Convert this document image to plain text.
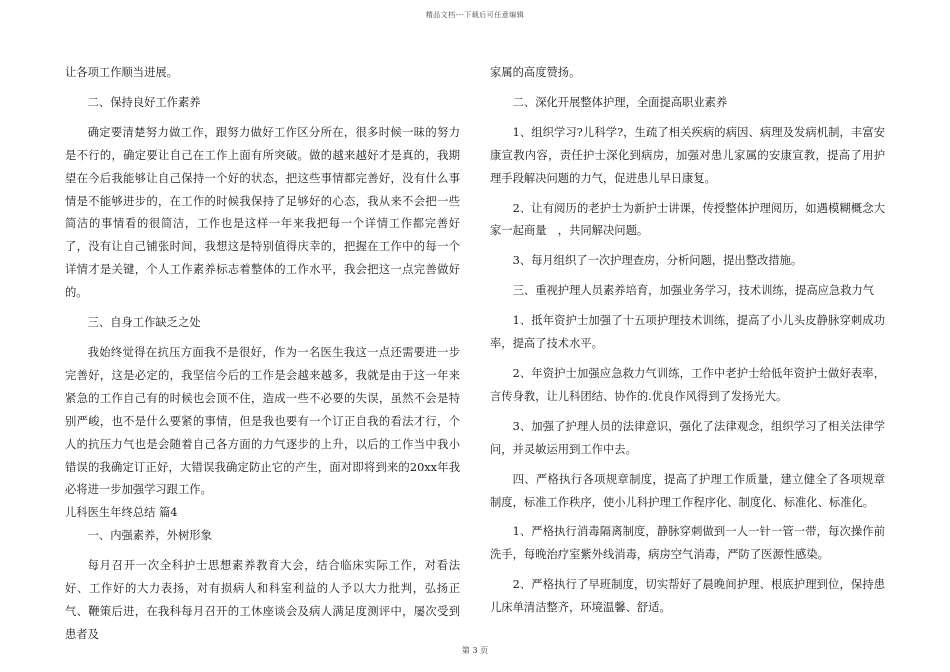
精品文档---下载后可任意编辑

让各项工作顺当进展。

二、保持良好工作素养

确定要清楚努力做工作，跟努力做好工作区分所在，很多时候一昧的努力是不行的，确定要让自己在工作上面有所突破。做的越来越好才是真的，我期望在今后我能够让自己保持一个好的状态，把这些事情都完善好，没有什么事情是不能够进步的，在工作的时候我保持了足够好的心态，我从来不会把一些简洁的事情看的很简洁，工作也是这样一年来我把每一个详情工作都完善好了，没有让自己铺张时间，我想这是特别值得庆幸的，把握在工作中的每一个详情才是关键，个人工作素养标志着整体的工作水平，我会把这一点完善做好的。

三、自身工作缺乏之处

我始终觉得在抗压方面我不是很好，作为一名医生我这一点还需要进一步完善好，这是必定的，我坚信今后的工作是会越来越多，我就是由于这一年来紧急的工作自己有的时候也会顶不住，造成一些不必要的失误，虽然不会是特别严峻，也不是什么要紧的事情，但是我也要有一个订正自我的看法才行，个人的抗压力气也是会随着自己各方面的力气逐步的上升，以后的工作当中我小错误的我确定订正好，大错误我确定防止它的产生，面对即将到来的20xx年我必将进一步加强学习跟工作。

儿科医生年终总结 篇4

一、内强素养，外树形象

每月召开一次全科护士思想素养教育大会，结合临床实际工作，对看法好、工作好的大力表扬，对有损病人和科室利益的人予以大力批判，弘扬正气、鞭策后进，在我科每月召开的工休座谈会及病人满足度测评中，屡次受到患者及

家属的高度赞扬。

二、深化开展整体护理，全面提高职业素养

1、组织学习?儿科学?，生疏了相关疾病的病因、病理及发病机制，丰富安康宣教内容，责任护士深化到病房，加强对患儿家属的安康宣教，提高了用护理手段解决问题的力气，促进患儿早日康复。

2、让有阅历的老护士为新护士讲课，传授整体护理阅历，如遇模糊概念大家一起商量　，共同解决问题。

3、每月组织了一次护理查房，分析问题，提出整改措施。

三、重视护理人员素养培育，加强业务学习，技术训练，提高应急救力气

1、抵年资护士加强了十五项护理技术训练，提高了小儿头皮静脉穿刺成功率，提高了技术水平。

2、年资护士加强应急救力气训练，工作中老护士给低年资护士做好表率，言传身教，让儿科团结、协作的.优良作风得到了发扬光大。

3、加强了护理人员的法律意识，强化了法律观念，组织学习了相关法律学问，并灵敏运用到工作中去。

四、严格执行各项规章制度，提高了护理工作质量，建立健全了各项规章制度，标准工作秩序，使小儿科护理工作程序化、制度化、标准化、标准化。

1、严格执行消毒隔离制度，静脉穿刺做到一人一针一管一带，每次操作前洗手，每晚治疗室紫外线消毒，病房空气消毒，严防了医源性感染。

2、严格执行了早班制度，切实帮好了晨晚间护理、根底护理到位，保持患儿床单清洁整齐，环境温馨、舒适。

第 3 页
